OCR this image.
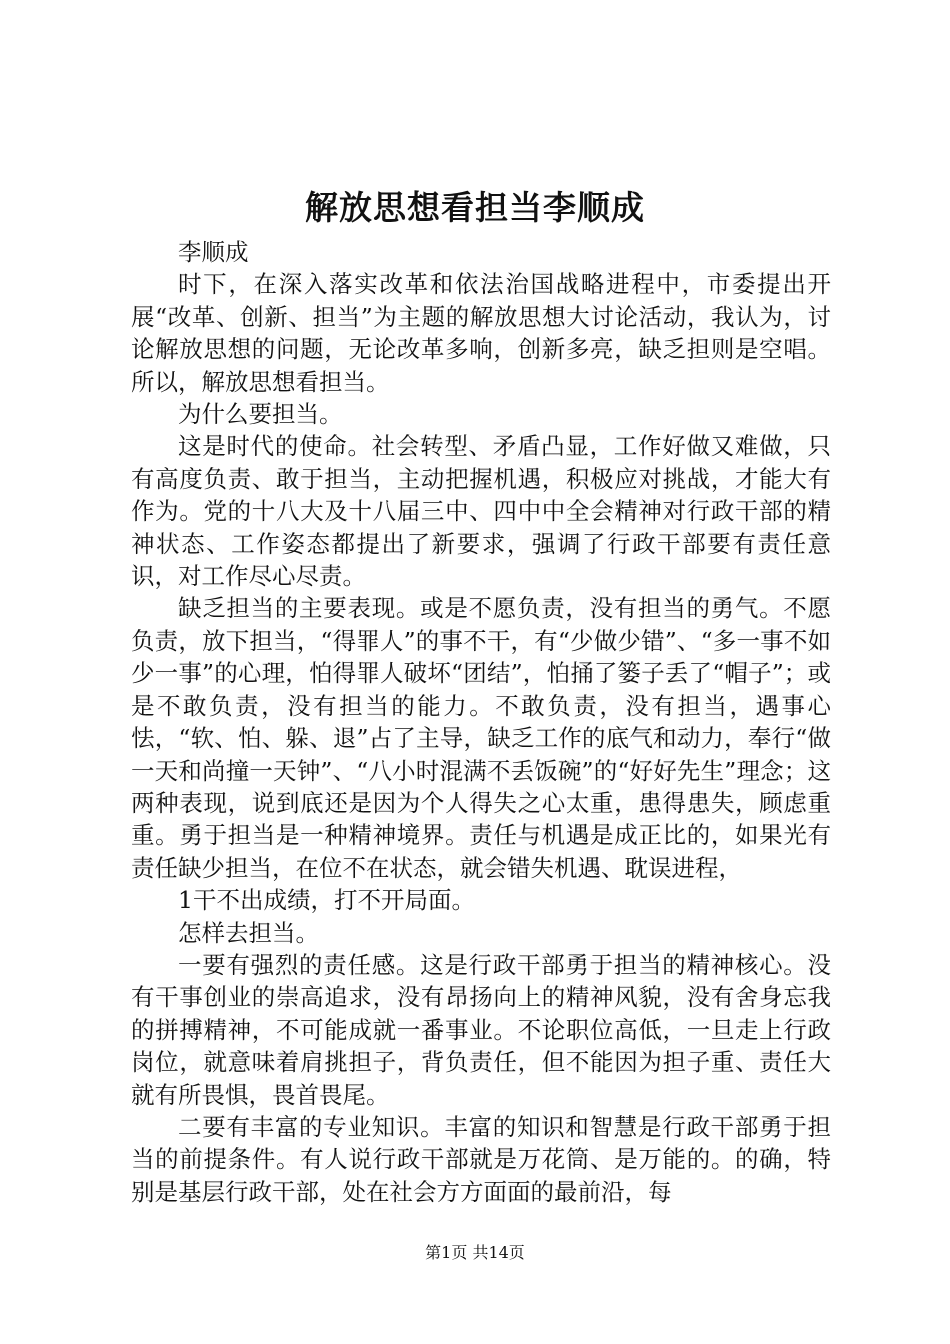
解放思想看担当李顺成

李顺成

时下，在深入落实改革和依法治国战略进程中，市委提出开展“改革、创新、担当”为主题的解放思想大讨论活动，我认为，讨论解放思想的问题，无论改革多响，创新多亮，缺乏担则是空唱。所以，解放思想看担当。

为什么要担当。

这是时代的使命。社会转型、矛盾凸显，工作好做又难做，只有高度负责、敢于担当，主动把握机遇，积极应对挑战，才能大有作为。党的十八大及十八届三中、四中中全会精神对行政干部的精神状态、工作姿态都提出了新要求，强调了行政干部要有责任意识，对工作尽心尽责。

缺乏担当的主要表现。或是不愿负责，没有担当的勇气。不愿负责，放下担当，“得罪人”的事不干，有“少做少错”、“多一事不如少一事”的心理，怕得罪人破坏“团结”，怕捅了篓子丢了“帽子”；或是不敢负责，没有担当的能力。不敢负责，没有担当，遇事心怯，“软、怕、躲、退”占了主导，缺乏工作的底气和动力，奉行“做一天和尚撞一天钟”、“八小时混满不丢饭碗”的“好好先生”理念；这两种表现，说到底还是因为个人得失之心太重，患得患失，顾虑重重。勇于担当是一种精神境界。责任与机遇是成正比的，如果光有责任缺少担当，在位不在状态，就会错失机遇、耽误进程，

1干不出成绩，打不开局面。

怎样去担当。

一要有强烈的责任感。这是行政干部勇于担当的精神核心。没有干事创业的崇高追求，没有昂扬向上的精神风貌，没有舍身忘我的拼搏精神，不可能成就一番事业。不论职位高低，一旦走上行政岗位，就意味着肩挑担子，背负责任，但不能因为担子重、责任大就有所畏惧，畏首畏尾。

二要有丰富的专业知识。丰富的知识和智慧是行政干部勇于担当的前提条件。有人说行政干部就是万花筒、是万能的。的确，特别是基层行政干部，处在社会方方面面的最前沿，每

第1页 共14页
